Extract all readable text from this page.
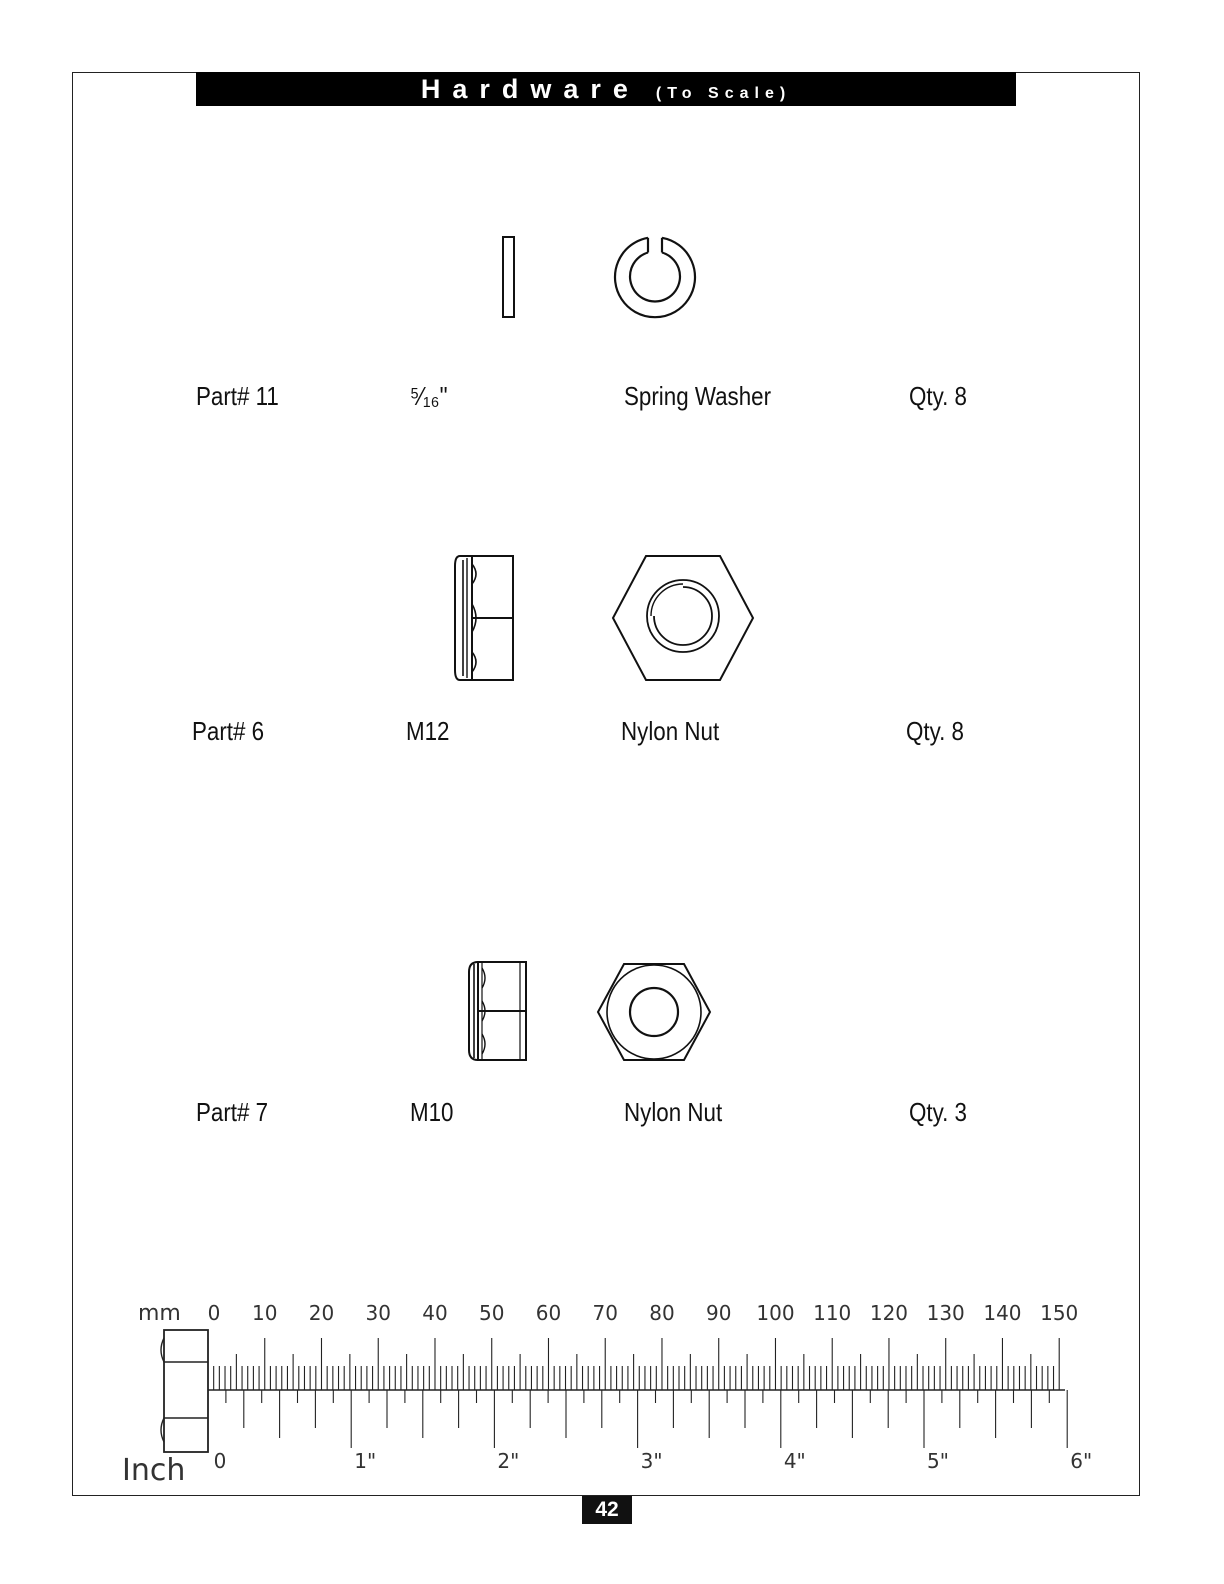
Hardware (To Scale)
Part# 11	⁵⁄₁₆"	Spring Washer	Qty. 8
Part# 6	M12	Nylon Nut	Qty. 8
Part# 7	M10	Nylon Nut	Qty. 3
mm
Inch
0 10 20 30 40 50 60 70 80 90 100 110 120 130 140 150
0	1"	2"	3"	4"	5"	6"
42
